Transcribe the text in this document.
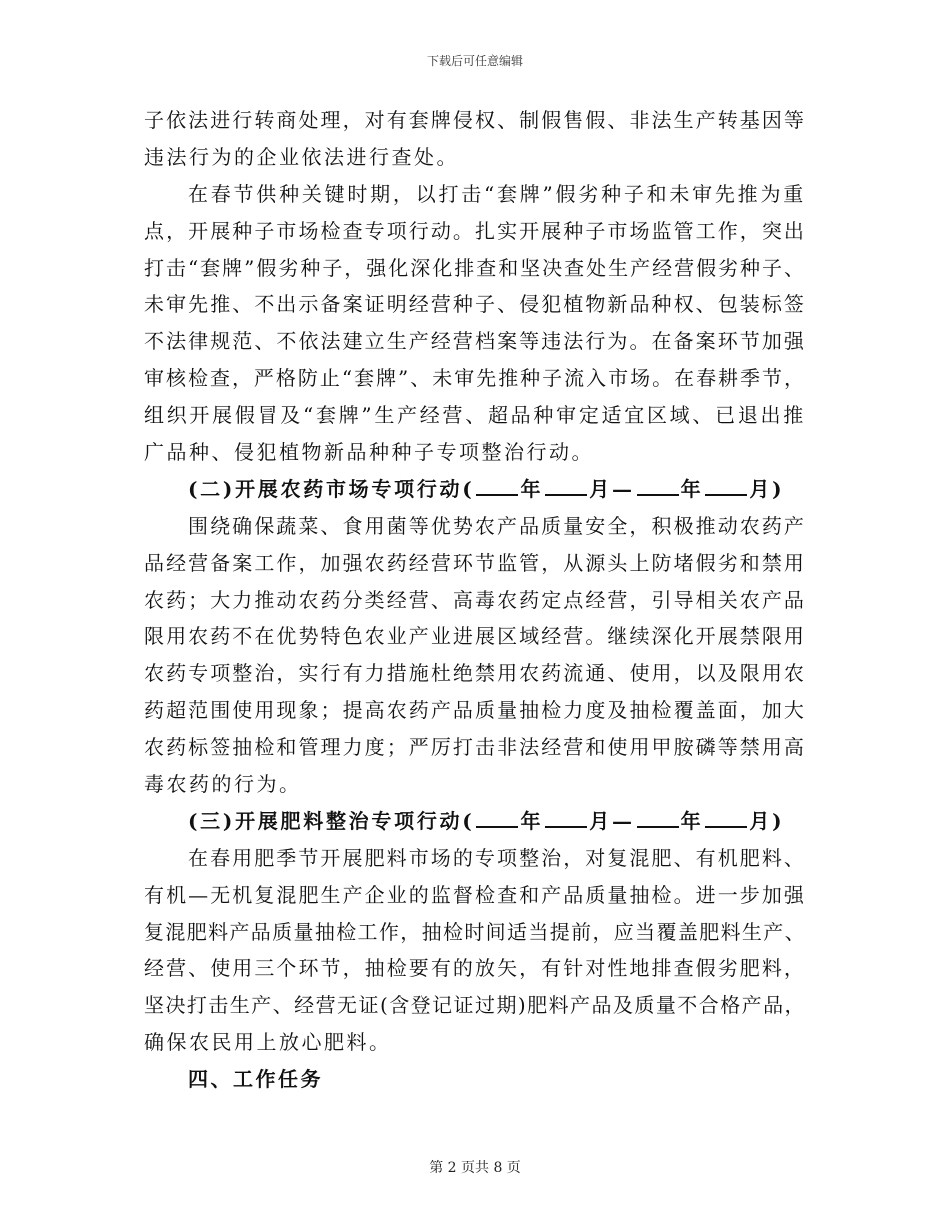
下载后可任意编辑
子依法进行转商处理，对有套牌侵权、制假售假、非法生产转基因等
违法行为的企业依法进行查处。
在春节供种关键时期，以打击“套牌”假劣种子和未审先推为重
点，开展种子市场检查专项行动。扎实开展种子市场监管工作，突出
打击“套牌”假劣种子，强化深化排查和坚决查处生产经营假劣种子、
未审先推、不出示备案证明经营种子、侵犯植物新品种权、包装标签
不法律规范、不依法建立生产经营档案等违法行为。在备案环节加强
审核检查，严格防止“套牌”、未审先推种子流入市场。在春耕季节，
组织开展假冒及“套牌”生产经营、超品种审定适宜区域、已退出推
广品种、侵犯植物新品种种子专项整治行动。
(二)开展农药市场专项行动( 年 月— 年 月)
围绕确保蔬菜、食用菌等优势农产品质量安全，积极推动农药产
品经营备案工作，加强农药经营环节监管，从源头上防堵假劣和禁用
农药；大力推动农药分类经营、高毒农药定点经营，引导相关农产品
限用农药不在优势特色农业产业进展区域经营。继续深化开展禁限用
农药专项整治，实行有力措施杜绝禁用农药流通、使用，以及限用农
药超范围使用现象；提高农药产品质量抽检力度及抽检覆盖面，加大
农药标签抽检和管理力度；严厉打击非法经营和使用甲胺磷等禁用高
毒农药的行为。
(三)开展肥料整治专项行动( 年 月— 年 月)
在春用肥季节开展肥料市场的专项整治，对复混肥、有机肥料、
有机—无机复混肥生产企业的监督检查和产品质量抽检。进一步加强
复混肥料产品质量抽检工作，抽检时间适当提前，应当覆盖肥料生产、
经营、使用三个环节，抽检要有的放矢，有针对性地排查假劣肥料，
坚决打击生产、经营无证(含登记证过期)肥料产品及质量不合格产品，
确保农民用上放心肥料。
四、工作任务
第 2 页共 8 页
